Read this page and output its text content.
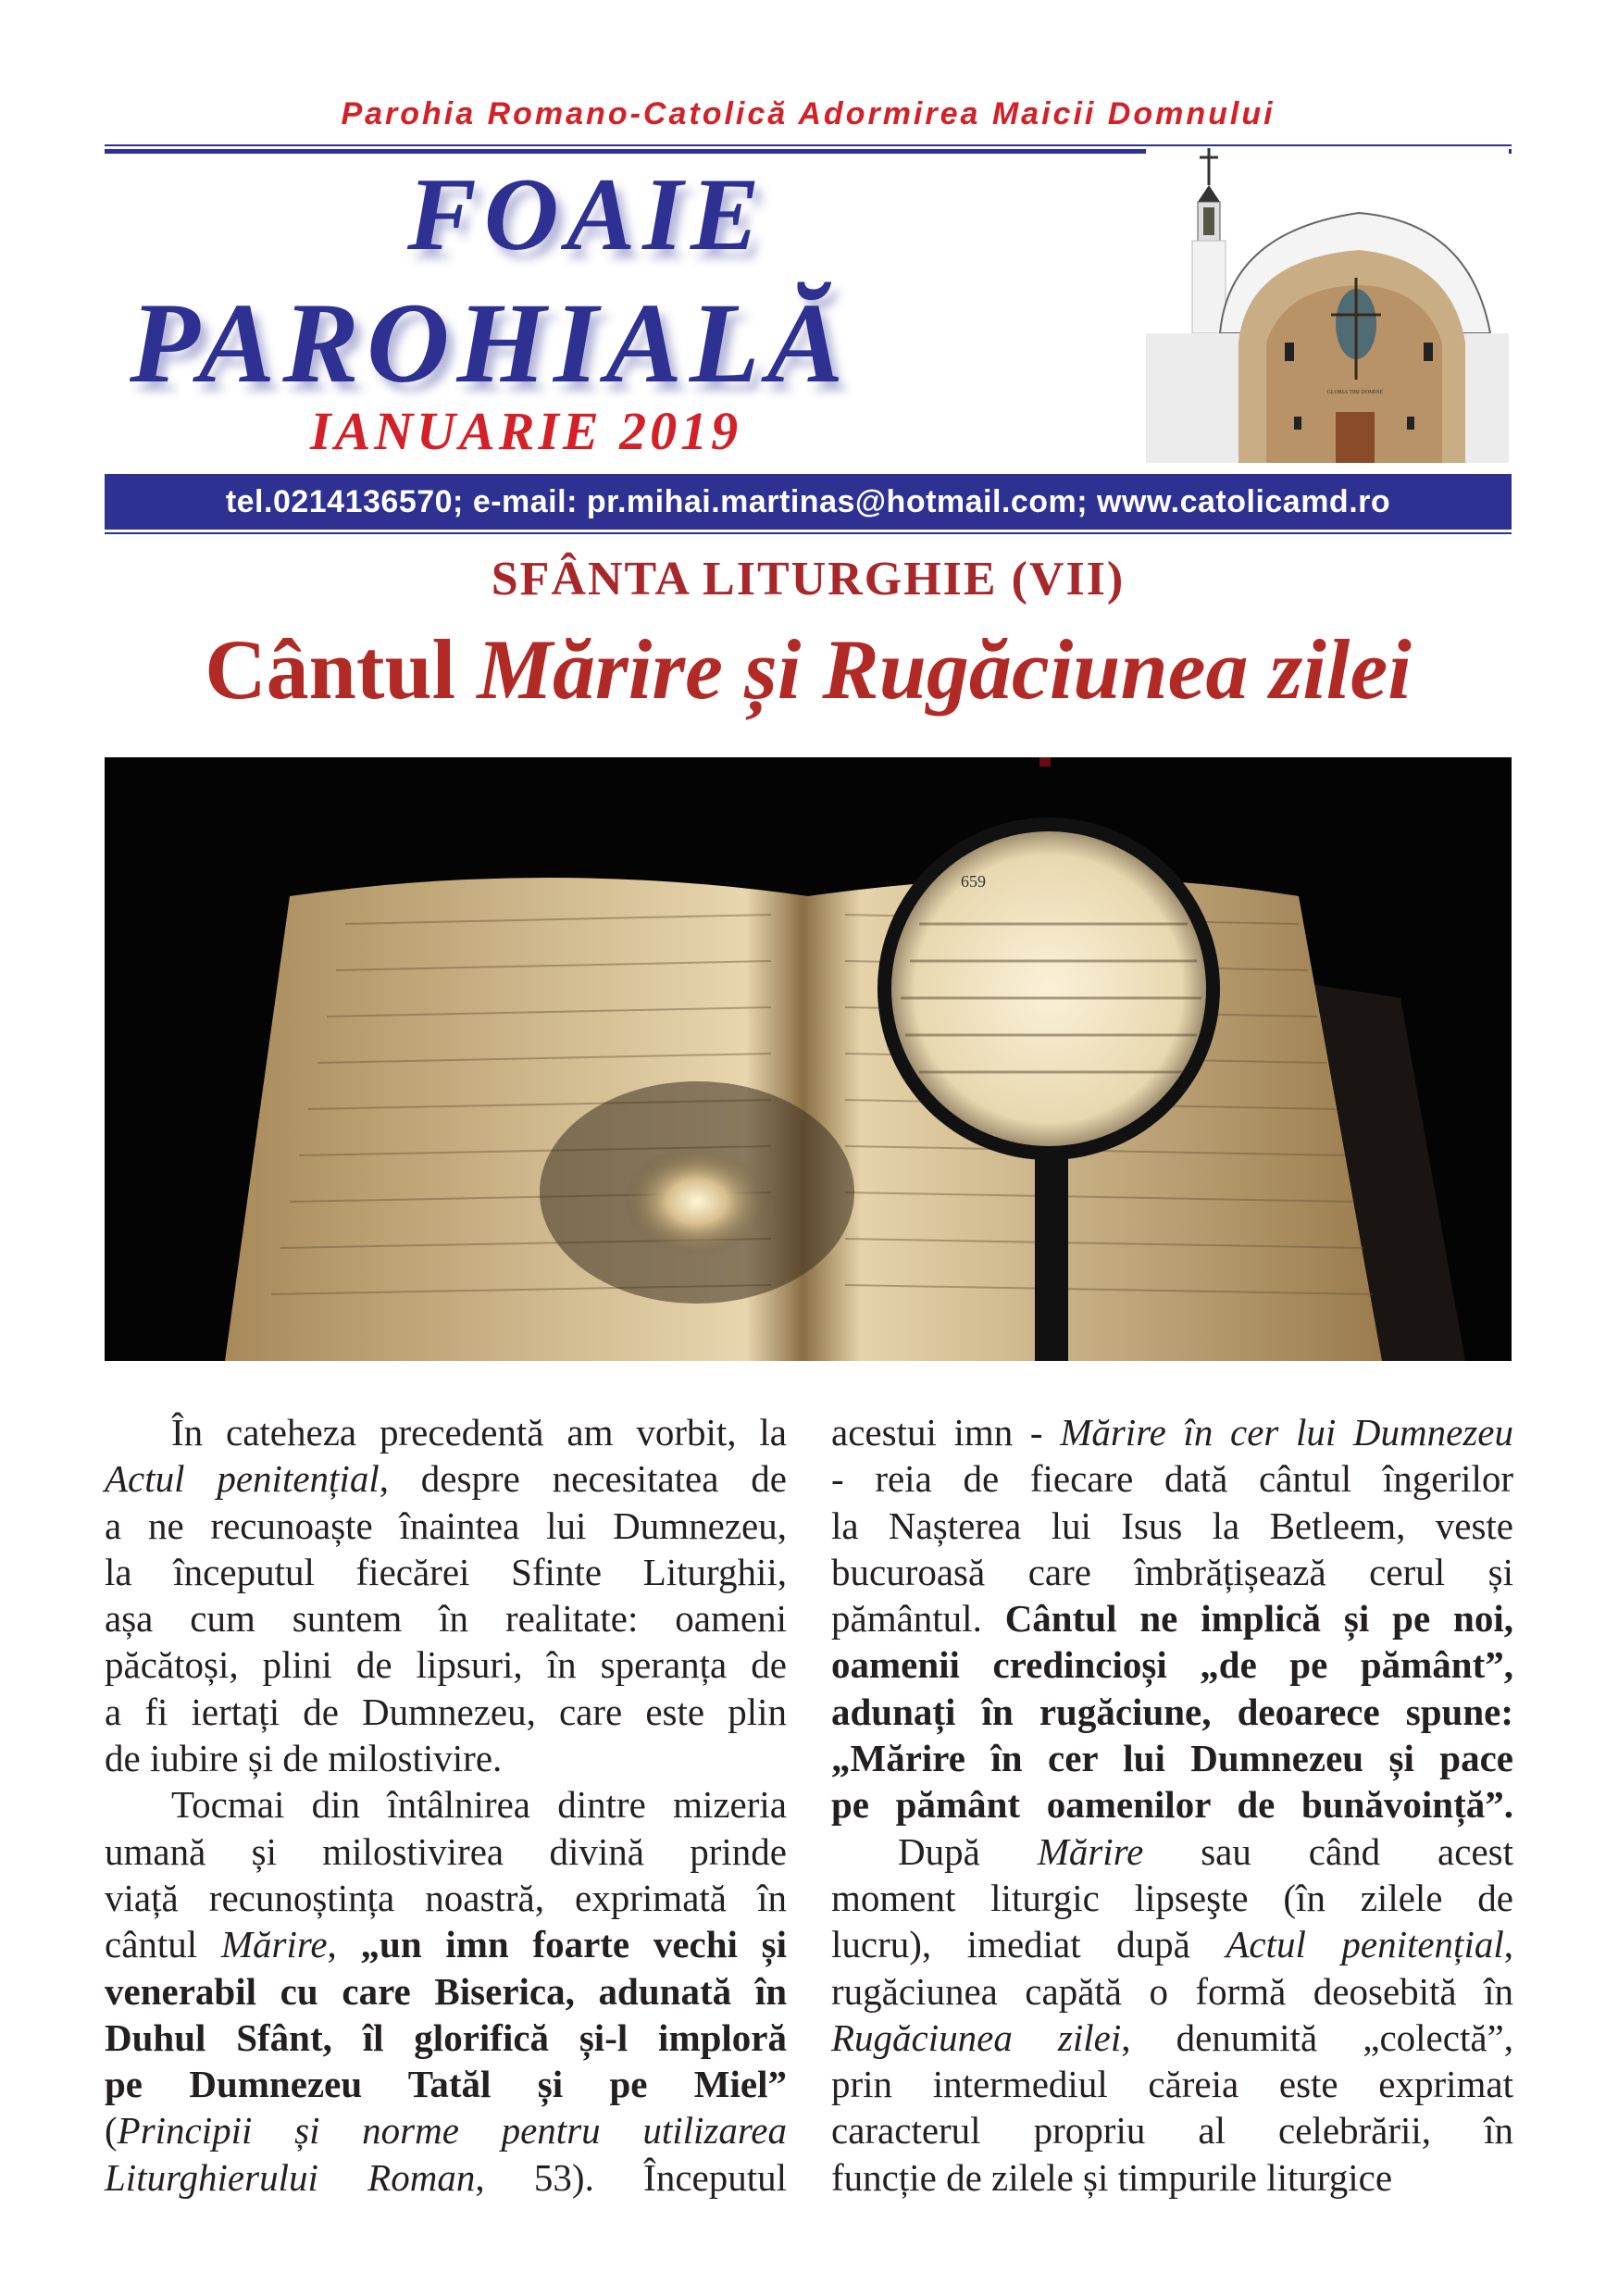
Parohia Romano-Catolică Adormirea Maicii Domnului
FOAIE
PAROHIALĂ
IANUARIE 2019
GLORIA TIBI DOMINE
tel.0214136570; e-mail: pr.mihai.martinas@hotmail.com; www.catolicamd.ro
SFÂNTA LITURGHIE (VII)
Cântul Mărire și Rugăciunea zilei
659
În cateheza precedentă am vorbit, la
Actul penitențial, despre necesitatea de
a ne recunoaște înaintea lui Dumnezeu,
la începutul fiecărei Sfinte Liturghii,
așa cum suntem în realitate: oameni
păcătoși, plini de lipsuri, în speranța de
a fi iertați de Dumnezeu, care este plin
de iubire și de milostivire.
Tocmai din întâlnirea dintre mizeria
umană și milostivirea divină prinde
viață recunoștința noastră, exprimată în
cântul Mărire, „un imn foarte vechi și
venerabil cu care Biserica, adunată în
Duhul Sfânt, îl glorifică și-l imploră
pe Dumnezeu Tatăl și pe Miel”
(Principii și norme pentru utilizarea
Liturghierului Roman, 53). Începutul
acestui imn - Mărire în cer lui Dumnezeu
- reia de fiecare dată cântul îngerilor
la Nașterea lui Isus la Betleem, veste
bucuroasă care îmbrățișează cerul și
pământul. Cântul ne implică și pe noi,
oamenii credincioși „de pe pământ”,
adunați în rugăciune, deoarece spune:
„Mărire în cer lui Dumnezeu și pace
pe pământ oamenilor de bunăvoință”.
După Mărire sau când acest
moment liturgic lipseşte (în zilele de
lucru), imediat după Actul penitențial,
rugăciunea capătă o formă deosebită în
Rugăciunea zilei, denumită „colectă”,
prin intermediul căreia este exprimat
caracterul propriu al celebrării, în
funcție de zilele și timpurile liturgice
